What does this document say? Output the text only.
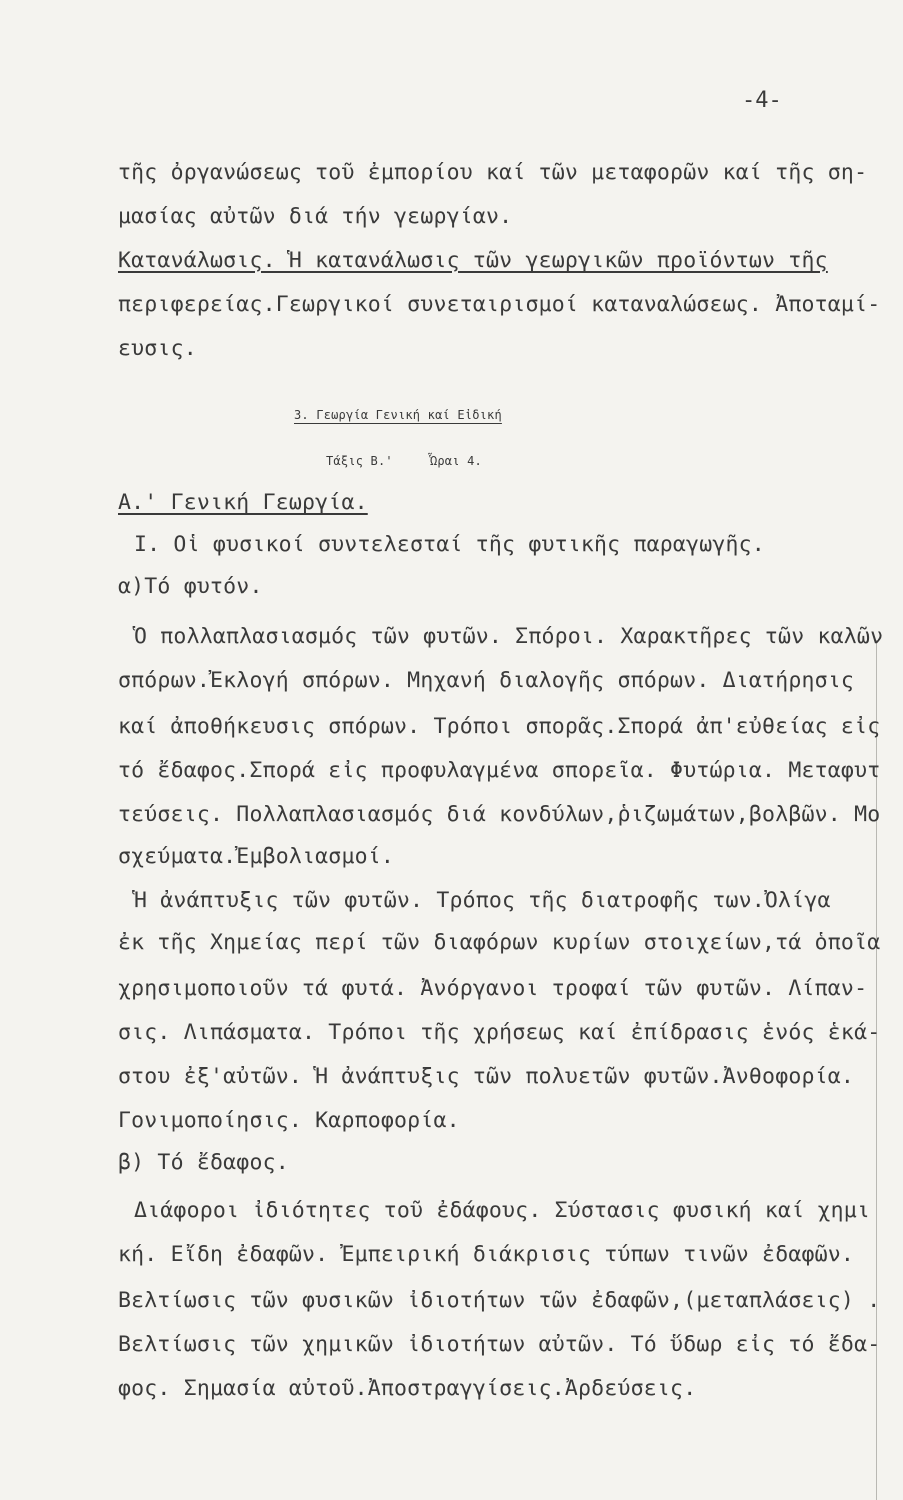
-4-
τῆς ὀργανώσεως τοῦ ἐμπορίου καί τῶν μεταφορῶν καί τῆς ση-
μασίας αὐτῶν διά τήν γεωργίαν.
Κατανάλωσις. Ἡ κατανάλωσις τῶν γεωργικῶν προϊόντων τῆς
περιφερείας.Γεωργικοί συνεταιρισμοί καταναλώσεως. Ἀποταμί-
ευσις.
3. Γεωργία Γενική καί Εἰδική
Τάξις Β.'     Ὧραι 4.
Α.' Γενική Γεωργία.
Ι. Οἱ φυσικοί συντελεσταί τῆς φυτικῆς παραγωγῆς.
α)Τό φυτόν.
Ὁ πολλαπλασιασμός τῶν φυτῶν. Σπόροι. Χαρακτῆρες τῶν καλῶν
σπόρων.Ἐκλογή σπόρων. Μηχανή διαλογῆς σπόρων. Διατήρησις
καί ἀποθήκευσις σπόρων. Τρόποι σπορᾶς.Σπορά ἀπ'εὐθείας εἰς
τό ἔδαφος.Σπορά εἰς προφυλαγμένα σπορεῖα. Φυτώρια. Μεταφυτ
τεύσεις. Πολλαπλασιασμός διά κονδύλων,ῥιζωμάτων,βολβῶν. Μο
σχεύματα.Ἐμβολιασμοί.
Ἡ ἀνάπτυξις τῶν φυτῶν. Τρόπος τῆς διατροφῆς των.Ὀλίγα
ἐκ τῆς Χημείας περί τῶν διαφόρων κυρίων στοιχείων,τά ὁποῖα
χρησιμοποιοῦν τά φυτά. Ἀνόργανοι τροφαί τῶν φυτῶν. Λίπαν-
σις. Λιπάσματα. Τρόποι τῆς χρήσεως καί ἐπίδρασις ἑνός ἑκά-
στου ἐξ'αὐτῶν. Ἡ ἀνάπτυξις τῶν πολυετῶν φυτῶν.Ἀνθοφορία.
Γονιμοποίησις. Καρποφορία.
β) Τό ἔδαφος.
Διάφοροι ἰδιότητες τοῦ ἐδάφους. Σύστασις φυσική καί χημι
κή. Εἴδη ἐδαφῶν. Ἐμπειρική διάκρισις τύπων τινῶν ἐδαφῶν.
Βελτίωσις τῶν φυσικῶν ἰδιοτήτων τῶν ἐδαφῶν,(μεταπλάσεις) .
Βελτίωσις τῶν χημικῶν ἰδιοτήτων αὐτῶν. Τό ὕδωρ εἰς τό ἔδα-
φος. Σημασία αὐτοῦ.Ἀποστραγγίσεις.Ἀρδεύσεις.
